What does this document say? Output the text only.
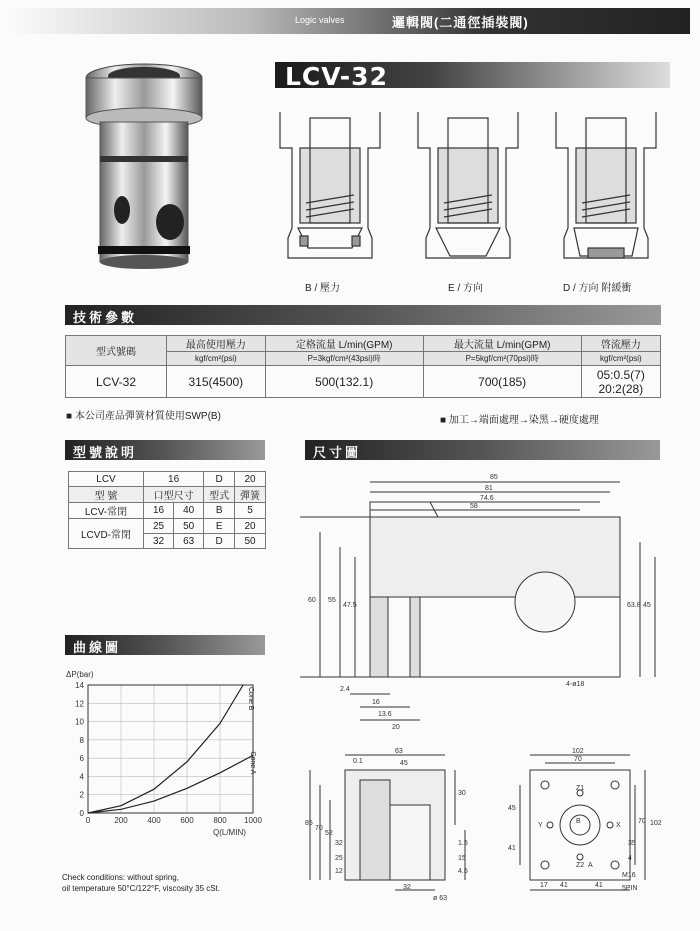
Logic valves	邏輯閥(二通徑插裝閥)
LCV-32
B / 壓力	E / 方向	D / 方向 附緩衝
技術參數
型式號碼	最高使用壓力	定格流量 L/min(GPM)	最大流量 L/min(GPM)	啓流壓力
	kgf/cm²(psi)	P=3kgf/cm²(43psi)時	P=5kgf/cm²(70psi)時	kgf/cm²(psi)
LCV-32	315(4500)	500(132.1)	700(185)	05:0.5(7)
20:2(28)
■ 本公司產品彈簧材質使用SWP(B)	■ 加工→端面處理→染黑→硬度處理
型號說明
LCV	16		D	20
型 號	口型尺寸		型式	彈簧
LCV-常閉	16	40	B	5
LCVD-常閉	25	50	E	20
	32	63	D	50
尺寸圖
85
81
74.6
58
60 55
47.5	63.8 45
2.4
16
13.6
20
4-ø18
63
45
0.1
85
70
52
32
25
12
30
1.5
15
4.5
32
ø 63
102
70
45
41
102
70
35
4
17 41	41
Z1
Y	X
Z2 A
B
M16
5PIN
曲線圖
0
2
4
6
8
10
12
14
0	200 400 600 800 1000
ΔP(bar)
Q(L/MIN)
Cone B
Cone A
Check conditions: without spring,
oil temperature 50°C/122°F, viscosity 35 cSt.
